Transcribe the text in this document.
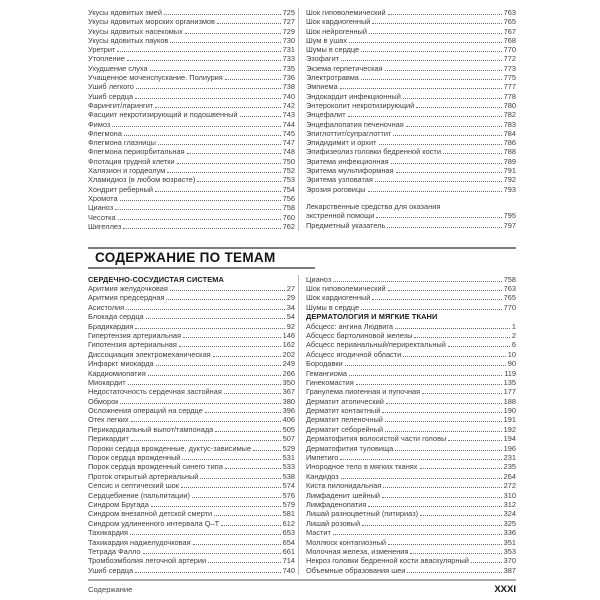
Укусы ядовитых змей	725
Укусы ядовитых морских организмов	727
Укусы ядовитых насекомых	729
Укусы ядовитых пауков	730
Уретрит	731
Утопление	733
Ухудшение слуха	735
Учащенное мочеиспускание. Полиурия	736
Ушиб легкого	738
Ушиб сердца	740
Фарингит/ларингит	742
Фасциит некротизирующий и подошвенный	743
Фимоз	744
Флегмона	745
Флегмона глазницы	747
Флегмона периорбитальная	748
Флотация грудной клетки	750
Халязион и гордеолум	752
Хламидиоз (в любом возрасте)	753
Хондрит реберный	754
Хромота	756
Цианоз	758
Чесотка	760
Шигеллез	762
Шок гиповолемический	763
Шок кардиогенный	765
Шок нейрогенный	767
Шум в ушах	768
Шумы в сердце	770
Эзофагит	772
Экзема герпетическая	773
Электротравма	775
Эмпиема	777
Эндокардит инфекционный	778
Энтероколит некротизирующий	780
Энцефалит	782
Энцефалопатия печеночная	783
Эпиглоттит/супраглоттит	784
Эпидидимит и орхит	786
Эпифизеолиз головки бедренной кости	788
Эритема инфекционная	789
Эритема мультиформная	791
Эритема узловатая	792
Эрозия роговицы	793
Лекарственные средства для оказания
экстренной помощи	795
Предметный указатель	797
СОДЕРЖАНИЕ ПО ТЕМАМ
СЕРДЕЧНО-СОСУДИСТАЯ СИСТЕМА
Аритмия желудочковая	27
Аритмия предсердная	29
Асистолия	34
Блокада сердца	54
Брадикардия	92
Гипертензия артериальная	146
Гипотензия артериальная	162
Диссоциация электромеханическая	202
Инфаркт миокарда	249
Кардиомиопатия	266
Миокардит	350
Недостаточность сердечная застойная	367
Обморок	380
Осложнения операций на сердце	396
Отек легких	406
Перикардиальный выпот/тампонада	505
Перикардит	507
Пороки сердца врожденные, дуктус-зависимые	529
Порок сердца врожденный	531
Порок сердца врожденный синего типа	533
Проток открытый артериальный	538
Сепсис и септический шок	574
Сердцебиение (пальпитации)	576
Синдром Бругада	579
Синдром внезапной детской смерти	581
Синдром удлиненного интервала Q–T	612
Тахикардия	653
Тахикардия наджелудочковая	654
Тетрада Фалло	661
Тромбоэмболия легочной артерии	714
Ушиб сердца	740
Цианоз	758
Шок гиповолемический	763
Шок кардиогенный	765
Шумы в сердце	770
ДЕРМАТОЛОГИЯ И МЯГКИЕ ТКАНИ
Абсцесс: ангина Людвига	1
Абсцесс бартолиновой железы	2
Абсцесс перианальный/периректальный	6
Абсцесс ягодичной области	10
Бородавки	90
Гемангиома	119
Гинекомастия	135
Гранулема пиогенная и пупочная	177
Дерматит атопический	188
Дерматит контактный	190
Дерматит пеленочный	191
Дерматит себорейный	192
Дерматофития волосистой части головы	194
Дерматофития туловища	196
Импетиго	231
Инородное тело в мягких тканях	235
Кандидоз	264
Киста пилонидальная	272
Лимфаденит шейный	310
Лимфаденопатия	312
Лишай разноцветный (питириаз)	324
Лишай розовый	325
Мастит	336
Моллюск контагиозный	351
Молочная железа, изменения	353
Некроз головки бедренной кости аваскулярный	370
Объемные образования шеи	387
Содержание	XXXI
